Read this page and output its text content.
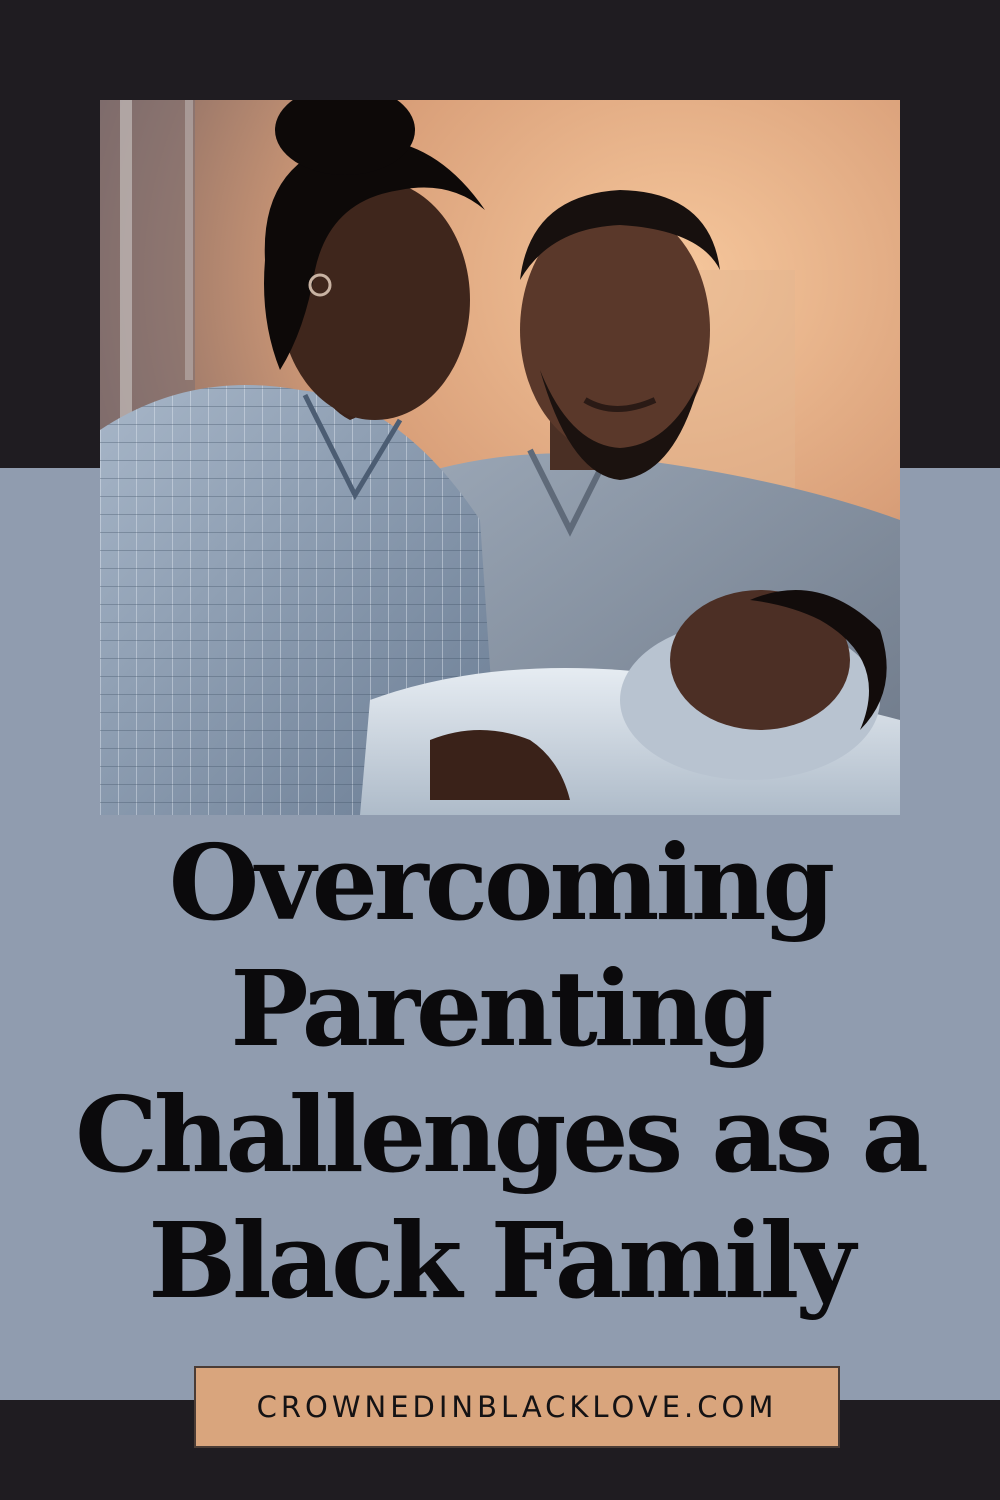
Overcoming
Parenting
Challenges as a
Black Family
CROWNEDINBLACKLOVE.COM
